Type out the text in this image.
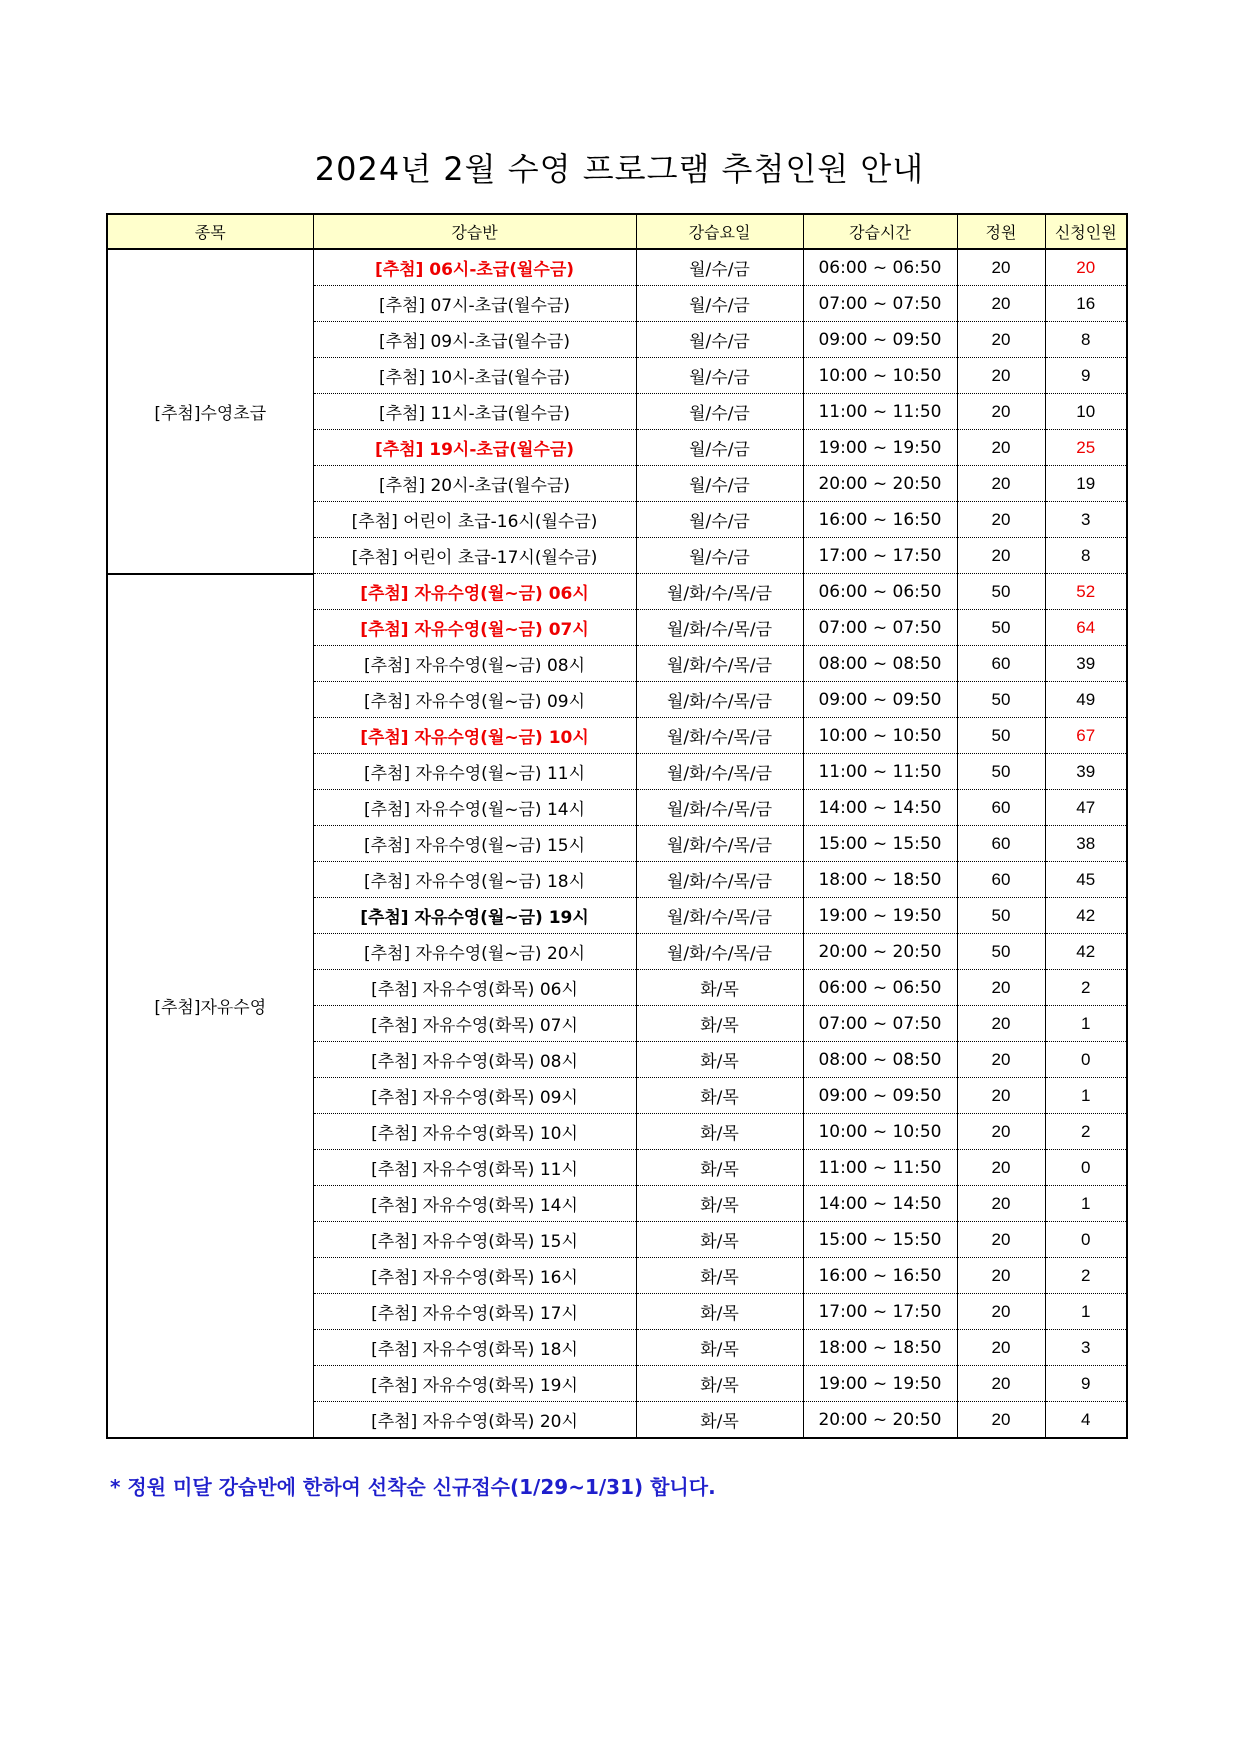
2024년 2월 수영 프로그램 추첨인원 안내
종목	강습반	강습요일	강습시간	정원	신청인원
[추첨]수영초급	[추첨] 06시-초급(월수금)	월/수/금	06:00 ~ 06:50	20	20
	[추첨] 07시-초급(월수금)	월/수/금	07:00 ~ 07:50	20	16
	[추첨] 09시-초급(월수금)	월/수/금	09:00 ~ 09:50	20	8
	[추첨] 10시-초급(월수금)	월/수/금	10:00 ~ 10:50	20	9
	[추첨] 11시-초급(월수금)	월/수/금	11:00 ~ 11:50	20	10
	[추첨] 19시-초급(월수금)	월/수/금	19:00 ~ 19:50	20	25
	[추첨] 20시-초급(월수금)	월/수/금	20:00 ~ 20:50	20	19
	[추첨] 어린이 초급-16시(월수금)	월/수/금	16:00 ~ 16:50	20	3
	[추첨] 어린이 초급-17시(월수금)	월/수/금	17:00 ~ 17:50	20	8
[추첨]자유수영	[추첨] 자유수영(월~금) 06시	월/화/수/목/금	06:00 ~ 06:50	50	52
	[추첨] 자유수영(월~금) 07시	월/화/수/목/금	07:00 ~ 07:50	50	64
	[추첨] 자유수영(월~금) 08시	월/화/수/목/금	08:00 ~ 08:50	60	39
	[추첨] 자유수영(월~금) 09시	월/화/수/목/금	09:00 ~ 09:50	50	49
	[추첨] 자유수영(월~금) 10시	월/화/수/목/금	10:00 ~ 10:50	50	67
	[추첨] 자유수영(월~금) 11시	월/화/수/목/금	11:00 ~ 11:50	50	39
	[추첨] 자유수영(월~금) 14시	월/화/수/목/금	14:00 ~ 14:50	60	47
	[추첨] 자유수영(월~금) 15시	월/화/수/목/금	15:00 ~ 15:50	60	38
	[추첨] 자유수영(월~금) 18시	월/화/수/목/금	18:00 ~ 18:50	60	45
	[추첨] 자유수영(월~금) 19시	월/화/수/목/금	19:00 ~ 19:50	50	42
	[추첨] 자유수영(월~금) 20시	월/화/수/목/금	20:00 ~ 20:50	50	42
	[추첨] 자유수영(화목) 06시	화/목	06:00 ~ 06:50	20	2
	[추첨] 자유수영(화목) 07시	화/목	07:00 ~ 07:50	20	1
	[추첨] 자유수영(화목) 08시	화/목	08:00 ~ 08:50	20	0
	[추첨] 자유수영(화목) 09시	화/목	09:00 ~ 09:50	20	1
	[추첨] 자유수영(화목) 10시	화/목	10:00 ~ 10:50	20	2
	[추첨] 자유수영(화목) 11시	화/목	11:00 ~ 11:50	20	0
	[추첨] 자유수영(화목) 14시	화/목	14:00 ~ 14:50	20	1
	[추첨] 자유수영(화목) 15시	화/목	15:00 ~ 15:50	20	0
	[추첨] 자유수영(화목) 16시	화/목	16:00 ~ 16:50	20	2
	[추첨] 자유수영(화목) 17시	화/목	17:00 ~ 17:50	20	1
	[추첨] 자유수영(화목) 18시	화/목	18:00 ~ 18:50	20	3
	[추첨] 자유수영(화목) 19시	화/목	19:00 ~ 19:50	20	9
	[추첨] 자유수영(화목) 20시	화/목	20:00 ~ 20:50	20	4
* 정원 미달 강습반에 한하여 선착순 신규접수(1/29~1/31) 합니다.
